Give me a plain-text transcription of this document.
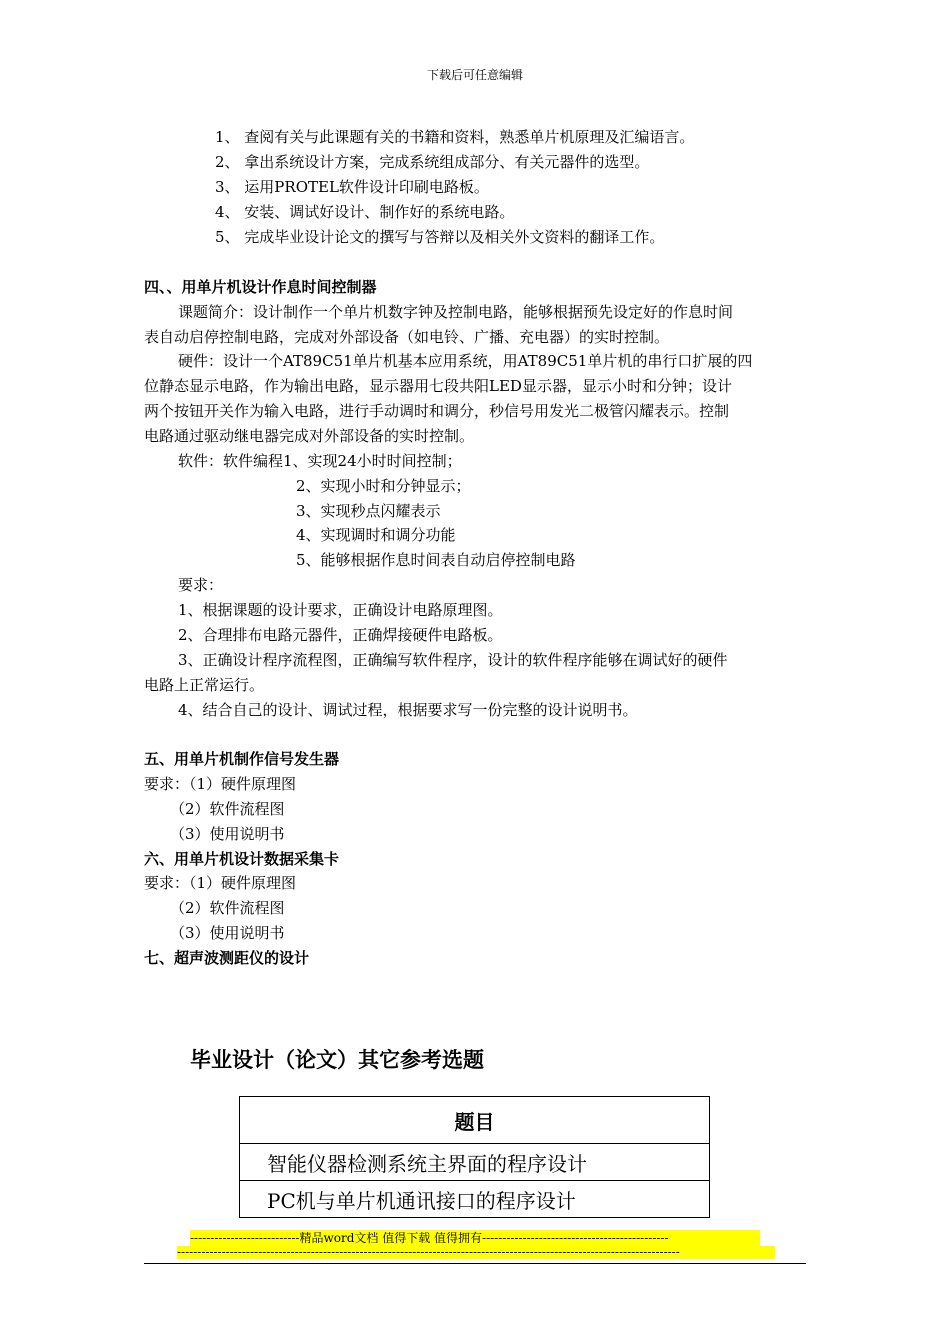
下载后可任意编辑
1、 查阅有关与此课题有关的书籍和资料，熟悉单片机原理及汇编语言。
2、 拿出系统设计方案，完成系统组成部分、有关元器件的选型。
3、 运用PROTEL软件设计印刷电路板。
4、 安装、调试好设计、制作好的系统电路。
5、 完成毕业设计论文的撰写与答辩以及相关外文资料的翻译工作。
四、、用单片机设计作息时间控制器
课题简介：设计制作一个单片机数字钟及控制电路，能够根据预先设定好的作息时间
表自动启停控制电路，完成对外部设备（如电铃、广播、充电器）的实时控制。
硬件：设计一个AT89C51单片机基本应用系统，用AT89C51单片机的串行口扩展的四
位静态显示电路，作为输出电路，显示器用七段共阳LED显示器，显示小时和分钟；设计
两个按钮开关作为输入电路，进行手动调时和调分，秒信号用发光二极管闪耀表示。控制
电路通过驱动继电器完成对外部设备的实时控制。
软件：软件编程1、实现24小时时间控制；
2、实现小时和分钟显示；
3、实现秒点闪耀表示
4、实现调时和调分功能
5、能够根据作息时间表自动启停控制电路
要求：
1、根据课题的设计要求，正确设计电路原理图。
2、合理排布电路元器件，正确焊接硬件电路板。
3、正确设计程序流程图，正确编写软件程序，设计的软件程序能够在调试好的硬件
电路上正常运行。
4、结合自己的设计、调试过程，根据要求写一份完整的设计说明书。
五、用单片机制作信号发生器
要求：（1）硬件原理图
（2）软件流程图
（3）使用说明书
六、用单片机设计数据采集卡
要求：（1）硬件原理图
（2）软件流程图
（3）使用说明书
七、超声波测距仪的设计
毕业设计（论文）其它参考选题
题目
智能仪器检测系统主界面的程序设计
PC机与单片机通讯接口的程序设计
---------------------------精品word文档 值得下载 值得拥有----------------------------------------------
----------------------------------------------------------------------------------------------------------------------------
